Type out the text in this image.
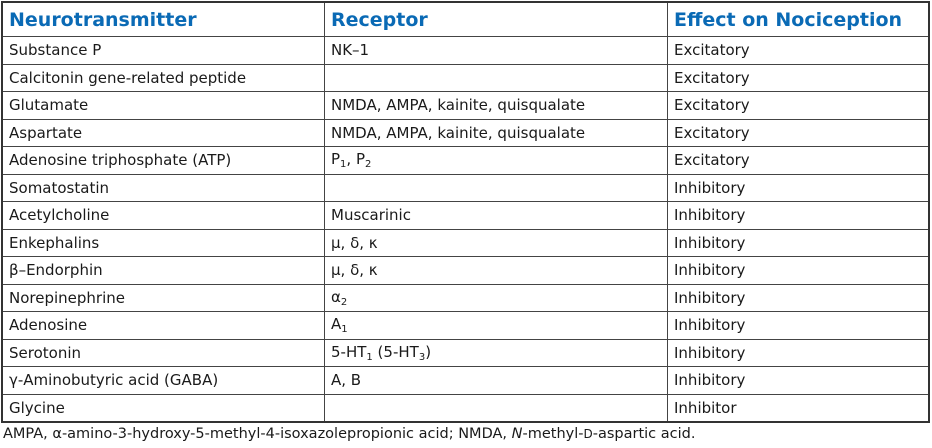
Neurotransmitter	Receptor	Effect on Nociception
Substance P	NK–1	Excitatory
Calcitonin gene-related peptide		Excitatory
Glutamate	NMDA, AMPA, kainite, quisqualate	Excitatory
Aspartate	NMDA, AMPA, kainite, quisqualate	Excitatory
Adenosine triphosphate (ATP)	$P_1$, $P_2$	Excitatory
Somatostatin		Inhibitory
Acetylcholine	Muscarinic	Inhibitory
Enkephalins	μ, δ, κ	Inhibitory
β–Endorphin	μ, δ, κ	Inhibitory
Norepinephrine	$\alpha_2$	Inhibitory
Adenosine	$A_1$	Inhibitory
Serotonin	$5-HT_1$ $(5-HT_3)$	Inhibitory
γ-Aminobutyric acid (GABA)	A, B	Inhibitory
Glycine		Inhibitor
AMPA, α-amino-3-hydroxy-5-methyl-4-isoxazolepropionic acid; NMDA, N-methyl-D-aspartic acid.
